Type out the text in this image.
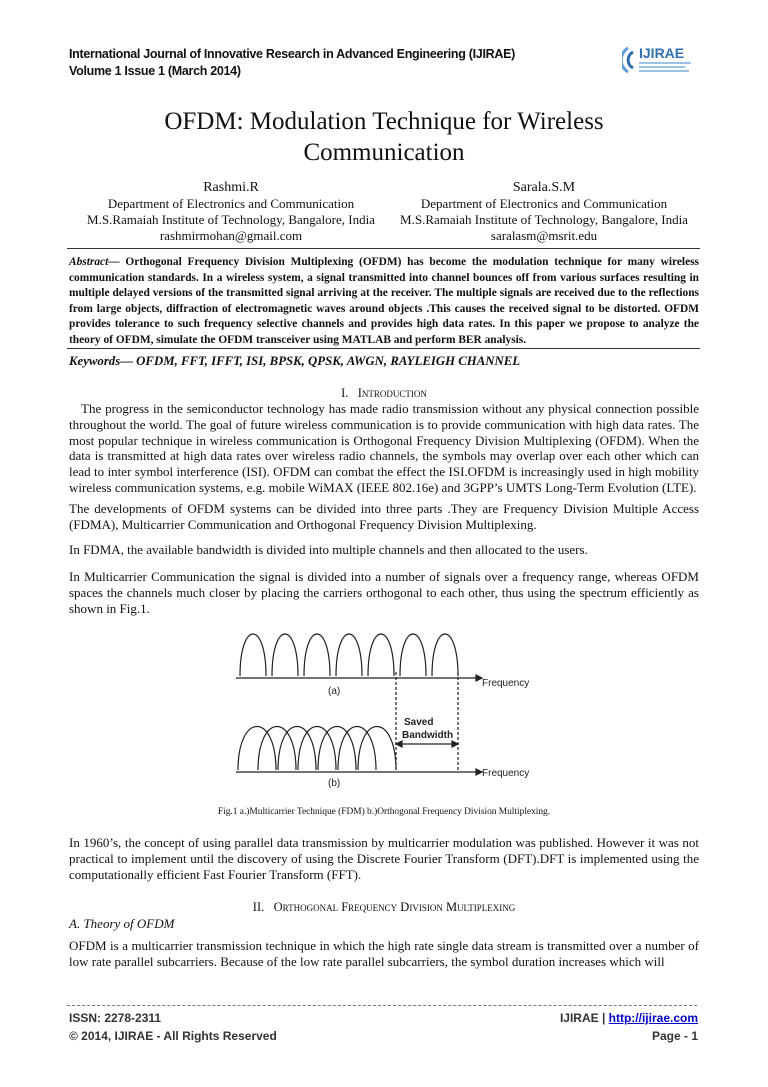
International Journal of Innovative Research in Advanced Engineering (IJIRAE)
Volume 1 Issue 1 (March 2014)
IJIRAE
OFDM: Modulation Technique for Wireless
Communication
Rashmi.R
Department of Electronics and Communication
M.S.Ramaiah Institute of Technology, Bangalore, India
rashmirmohan@gmail.com
Sarala.S.M
Department of Electronics and Communication
M.S.Ramaiah Institute of Technology, Bangalore, India
saralasm@msrit.edu
Abstract— Orthogonal Frequency Division Multiplexing (OFDM) has become the modulation technique for many wireless communication standards. In a wireless system, a signal transmitted into channel bounces off from various surfaces resulting in multiple delayed versions of the transmitted signal arriving at the receiver. The multiple signals are received due to the reflections from large objects, diffraction of electromagnetic waves around objects .This causes the received signal to be distorted. OFDM provides tolerance to such frequency selective channels and provides high data rates. In this paper we propose to analyze the theory of OFDM, simulate the OFDM transceiver using MATLAB and perform BER analysis.
Keywords— OFDM, FFT, IFFT, ISI, BPSK, QPSK, AWGN, RAYLEIGH CHANNEL
I. Introduction
The progress in the semiconductor technology has made radio transmission without any physical connection possible throughout the world. The goal of future wireless communication is to provide communication with high data rates. The most popular technique in wireless communication is Orthogonal Frequency Division Multiplexing (OFDM). When the data is transmitted at high data rates over wireless radio channels, the symbols may overlap over each other which can lead to inter symbol interference (ISI). OFDM can combat the effect the ISI.OFDM is increasingly used in high mobility wireless communication systems, e.g. mobile WiMAX (IEEE 802.16e) and 3GPP’s UMTS Long-Term Evolution (LTE).
The developments of OFDM systems can be divided into three parts .They are Frequency Division Multiple Access (FDMA), Multicarrier Communication and Orthogonal Frequency Division Multiplexing.
In FDMA, the available bandwidth is divided into multiple channels and then allocated to the users.
In Multicarrier Communication the signal is divided into a number of signals over a frequency range, whereas OFDM spaces the channels much closer by placing the carriers orthogonal to each other, thus using the spectrum efficiently as shown in Fig.1.
(a)
(b)
Frequency
Frequency
Saved
Bandwidth
Fig.1 a.)Multicarrier Technique (FDM) b.)Orthogonal Frequency Division Multiplexing.
In 1960’s, the concept of using parallel data transmission by multicarrier modulation was published. However it was not practical to implement until the discovery of using the Discrete Fourier Transform (DFT).DFT is implemented using the computationally efficient Fast Fourier Transform (FFT).
II. Orthogonal Frequency Division Multiplexing
A. Theory of OFDM
OFDM is a multicarrier transmission technique in which the high rate single data stream is transmitted over a number of low rate parallel subcarriers. Because of the low rate parallel subcarriers, the symbol duration increases which will
ISSN: 2278-2311
© 2014, IJIRAE - All Rights Reserved
IJIRAE | http://ijirae.com
Page - 1
